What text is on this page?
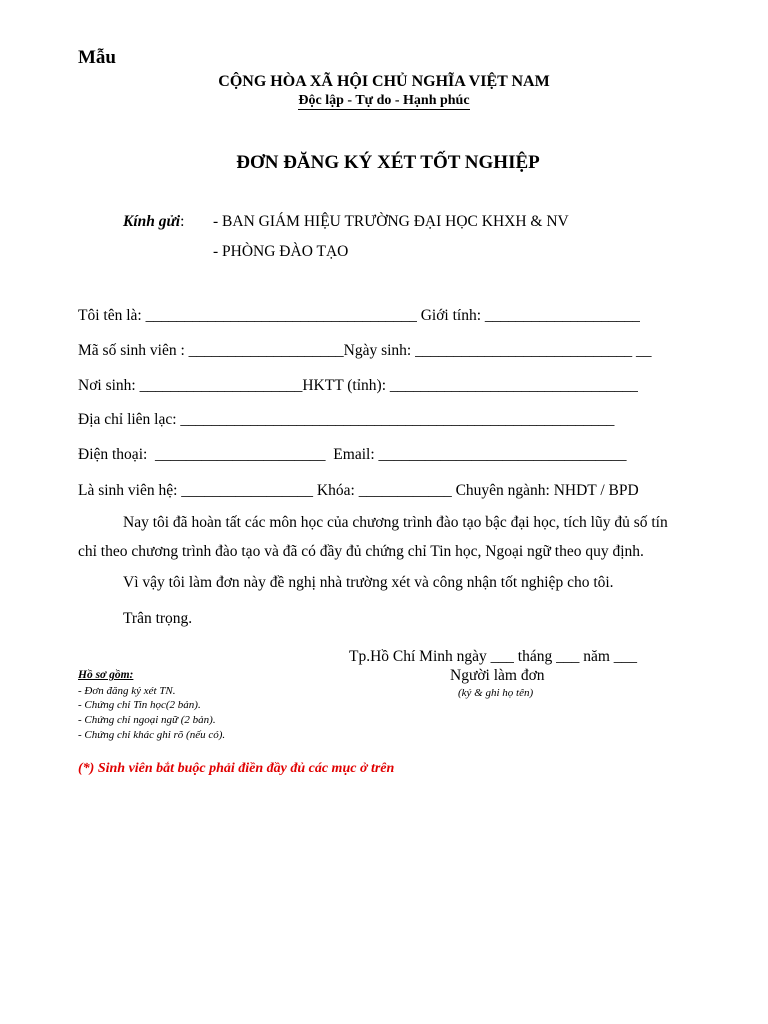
Mẫu
CỘNG HÒA XÃ HỘI CHỦ NGHĨA VIỆT NAM
Độc lập - Tự do - Hạnh phúc
ĐƠN ĐĂNG KÝ XÉT TỐT NGHIỆP
Kính gửi: - BAN GIÁM HIỆU TRƯỜNG ĐẠI HỌC KHXH & NV
- PHÒNG ĐÀO TẠO
Tôi tên là: ___________________________________ Giới tính: ____________________
Mã số sinh viên : ____________________Ngày sinh: ____________________________ __
Nơi sinh: _____________________HKTT (tỉnh): ________________________________
Địa chỉ liên lạc: ________________________________________________________
Điện thoại:  ______________________  Email: ________________________________
Là sinh viên hệ: _________________ Khóa: ____________ Chuyên ngành: NHDT / BPD
Nay tôi đã hoàn tất các môn học của chương trình đào tạo bậc đại học, tích lũy đủ số tín chỉ theo chương trình đào tạo và đã có đầy đủ chứng chỉ Tin học, Ngoại ngữ theo quy định.
Vì vậy tôi làm đơn này đề nghị nhà trường xét và công nhận tốt nghiệp cho tôi.
Trân trọng.
Tp.Hồ Chí Minh ngày ___ tháng ___ năm ___
Người làm đơn
(ký & ghi họ tên)
Hồ sơ gồm:
- Đơn đăng ký xét TN.
- Chứng chỉ Tin học(2 bản).
- Chứng chỉ ngoại ngữ (2 bản).
- Chứng chỉ khác ghi rõ (nếu có).
(*) Sinh viên bắt buộc phải điền đầy đủ các mục ở trên
